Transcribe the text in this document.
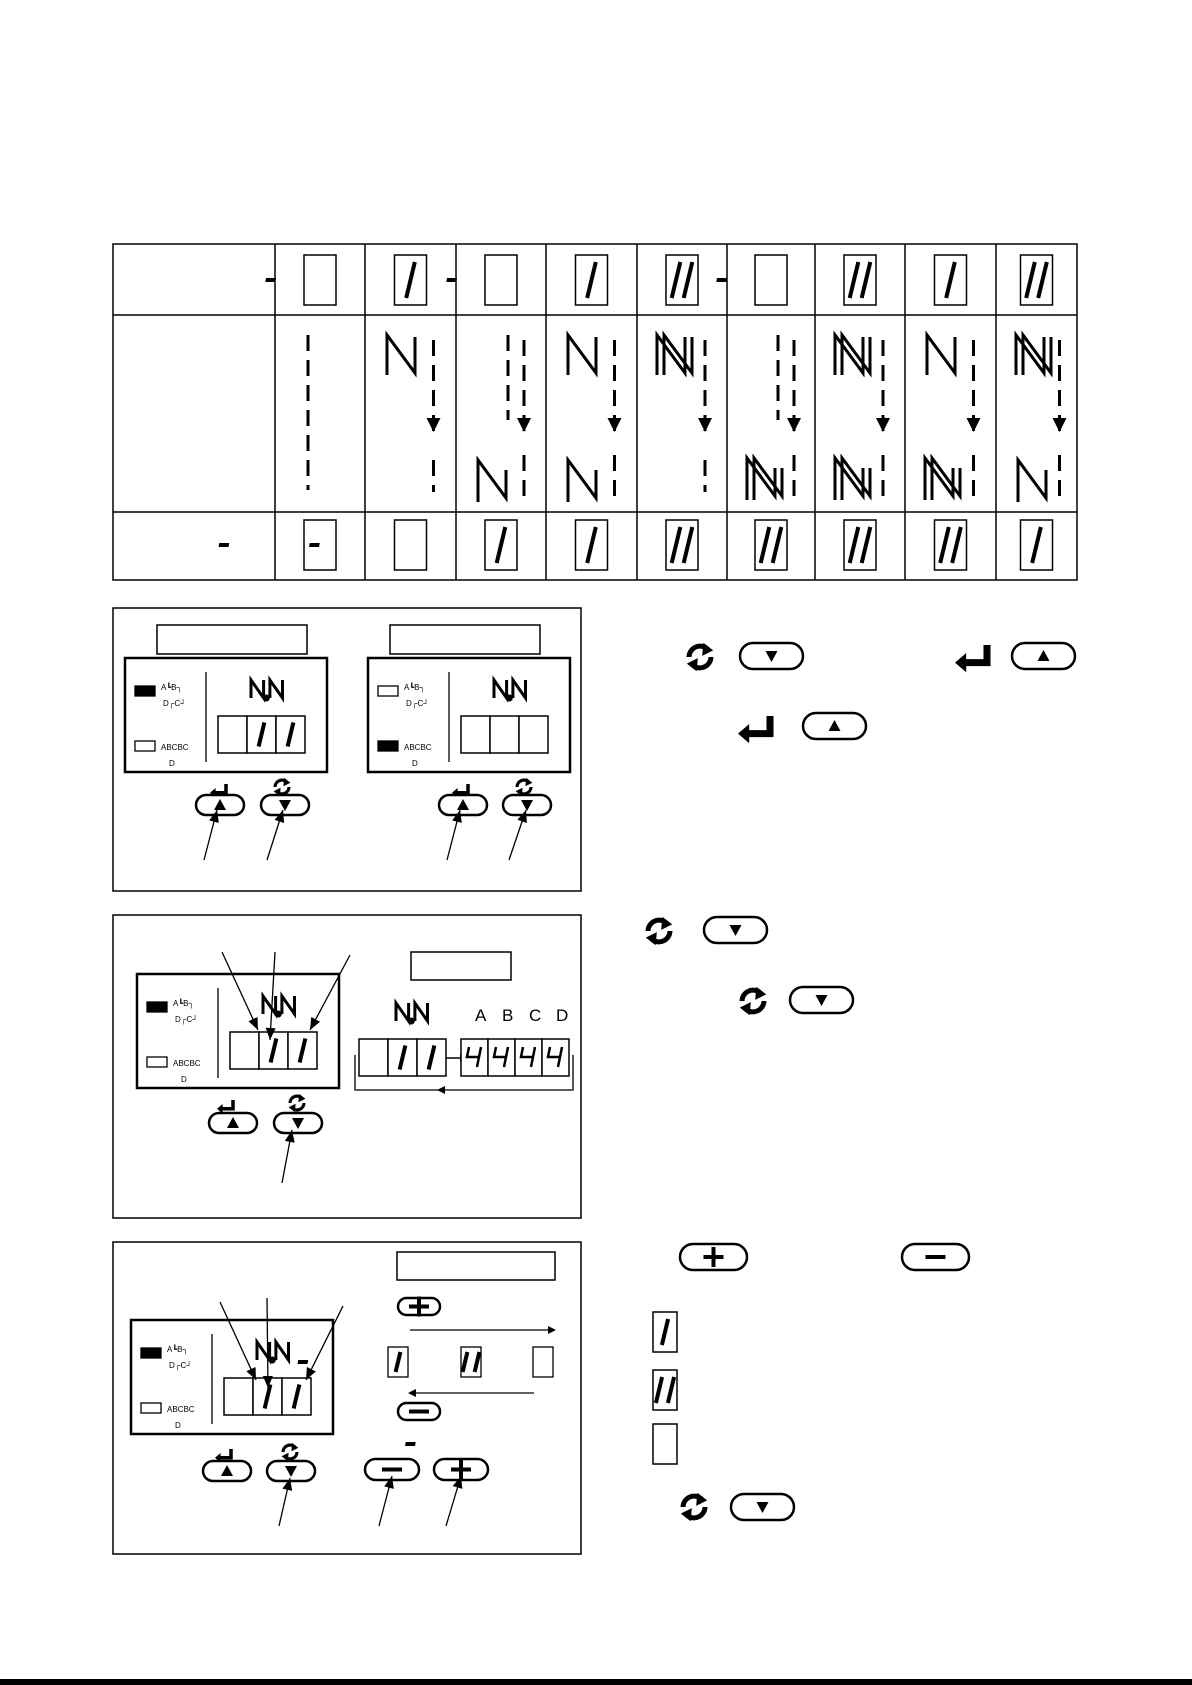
A┗B┐
D┌C┘
ABCBC
D
A┗B┐
D┌C┘
ABCBC
D
A┗B┐
D┌C┘
ABCBC
D
A B C D
A┗B┐
D┌C┘
ABCBC
D
